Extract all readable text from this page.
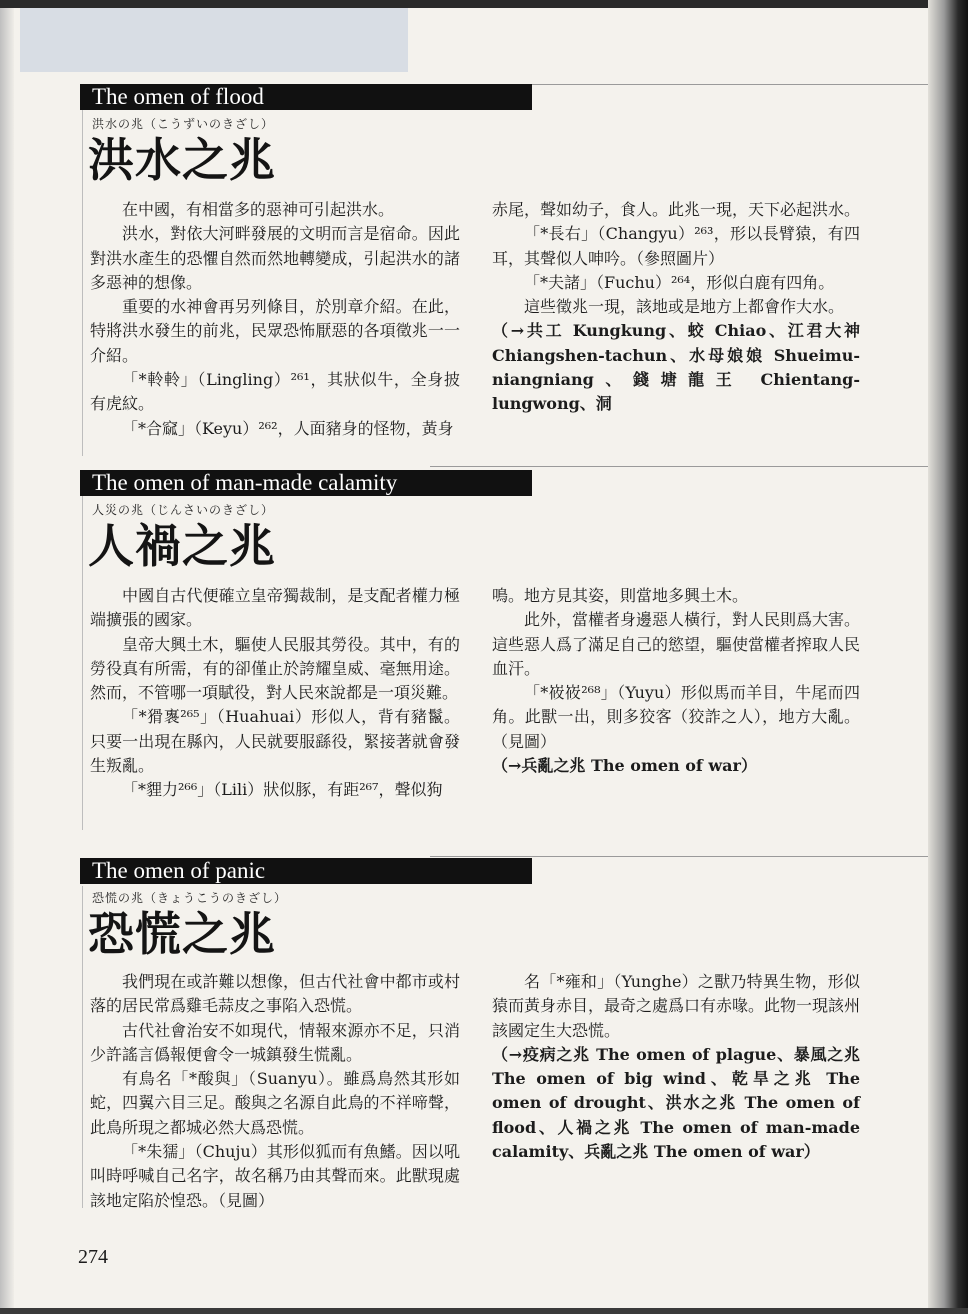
The omen of flood
洪水の兆（こうずいのきざし）
洪水之兆

在中國，有相當多的惡神可引起洪水。

洪水，對依大河畔發展的文明而言是宿命。因此對洪水產生的恐懼自然而然地轉變成，引起洪水的諸多惡神的想像。

重要的水神會再另列條目，於別章介紹。在此，特將洪水發生的前兆，民眾恐怖厭惡的各項徵兆一一介紹。

「*軨軨」（Lingling）²⁶¹，其狀似牛，全身披有虎紋。

「*合窳」（Keyu）²⁶²，人面豬身的怪物，黃身

赤尾，聲如幼子，食人。此兆一現，天下必起洪水。

「*長右」（Changyu）²⁶³，形以長臂猿，有四耳，其聲似人呻吟。（參照圖片）

「*夫諸」（Fuchu）²⁶⁴，形似白鹿有四角。

這些徵兆一現，該地或是地方上都會作大水。

（→共工 Kungkung、蛟 Chiao、江君大神 Chiangshen-tachun、水母娘娘 Shueimu-niangniang、錢塘龍王 Chientang-lungwong、洞

The omen of man-made calamity
人災の兆（じんさいのきざし）
人禍之兆

中國自古代便確立皇帝獨裁制，是支配者權力極端擴張的國家。

皇帝大興土木，驅使人民服其勞役。其中，有的勞役真有所需，有的卻僅止於誇耀皇威、毫無用途。然而，不管哪一項賦役，對人民來說都是一項災難。

「*猾褢²⁶⁵」（Huahuai）形似人，背有豬鬣。只要一出現在縣內，人民就要服繇役，緊接著就會發生叛亂。

「*貍力²⁶⁶」（Lili）狀似豚，有距²⁶⁷，聲似狗

鳴。地方見其姿，則當地多興土木。

此外，當權者身邊惡人橫行，對人民則爲大害。這些惡人爲了滿足自己的慾望，驅使當權者搾取人民血汗。

「*峳峳²⁶⁸」（Yuyu）形似馬而羊目，牛尾而四角。此獸一出，則多狡客（狡詐之人），地方大亂。（見圖）

（→兵亂之兆 The omen of war）

The omen of panic
恐慌の兆（きょうこうのきざし）
恐慌之兆

我們現在或許難以想像，但古代社會中都市或村落的居民常爲雞毛蒜皮之事陷入恐慌。

古代社會治安不如現代，情報來源亦不足，只消少許謠言僞報便會令一城鎮發生慌亂。

有鳥名「*酸與」（Suanyu）。雖爲鳥然其形如蛇，四翼六目三足。酸與之名源自此鳥的不祥啼聲，此鳥所現之都城必然大爲恐慌。

「*朱獳」（Chuju）其形似狐而有魚鰭。因以吼叫時呼喊自己名字，故名稱乃由其聲而來。此獸現處該地定陷於惶恐。（見圖）

名「*雍和」（Yunghe）之獸乃特異生物，形似猿而黃身赤目，最奇之處爲口有赤喙。此物一現該州該國定生大恐慌。

（→疫病之兆 The omen of plague、暴風之兆 The omen of big wind、乾旱之兆 The omen of drought、洪水之兆 The omen of flood、人禍之兆 The omen of man-made calamity、兵亂之兆 The omen of war）

274
